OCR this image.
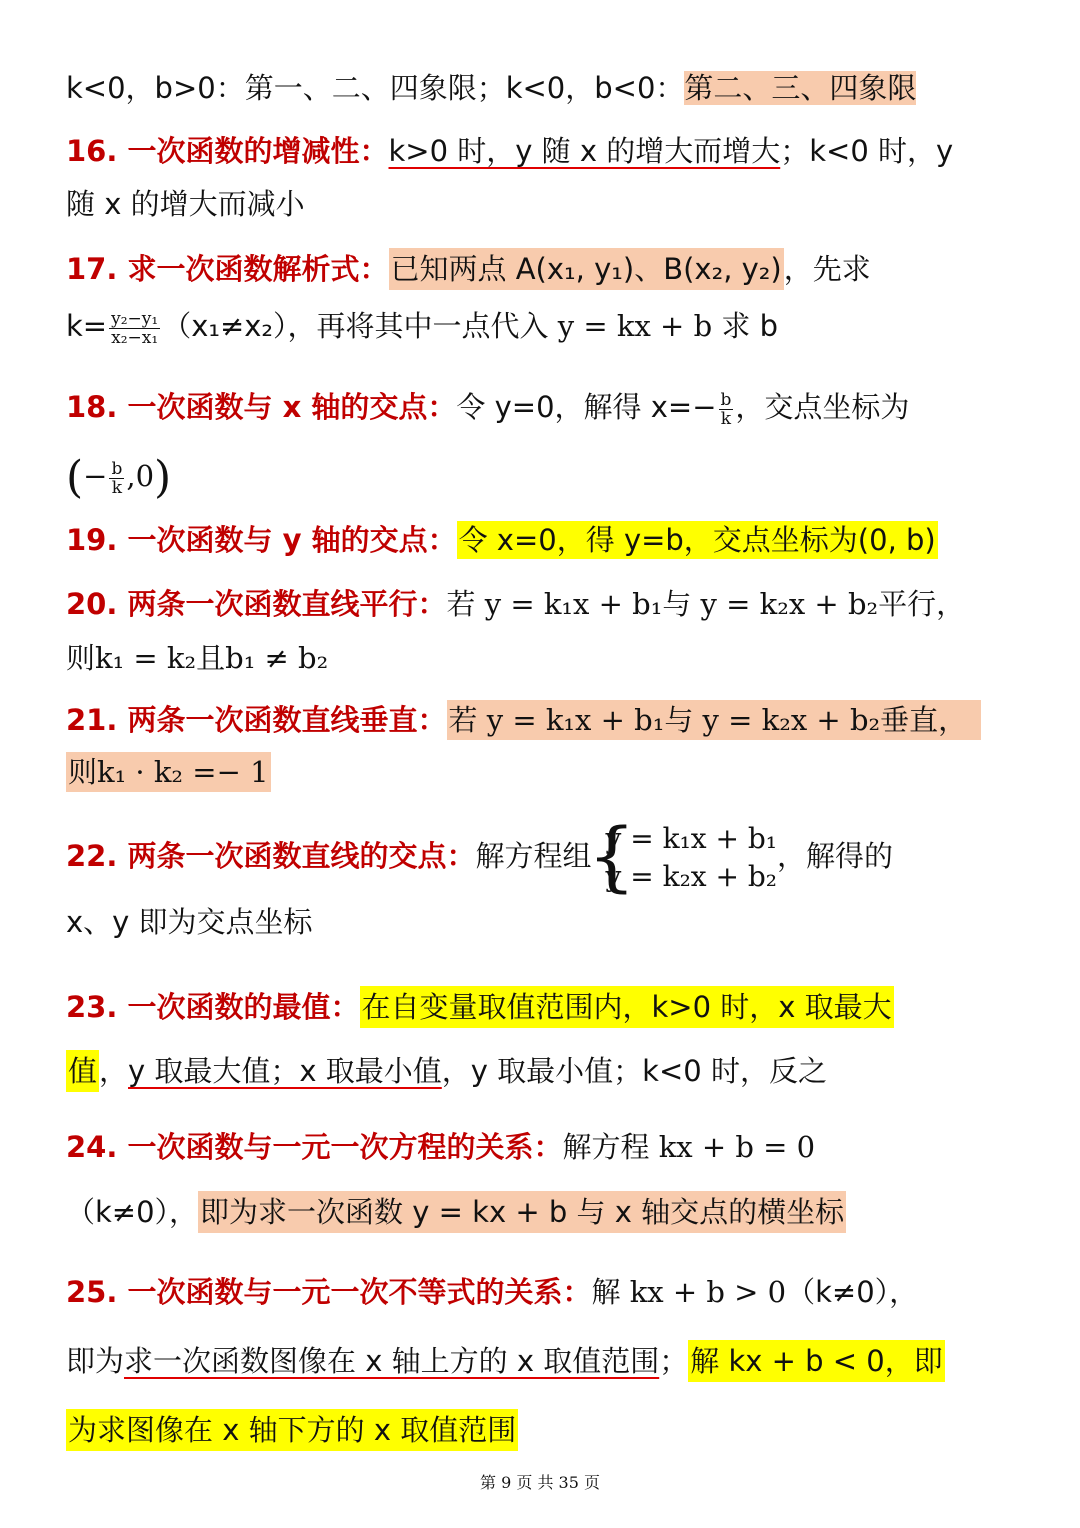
k<0，b>0：第一、二、四象限；k<0，b<0：第二、三、四象限
16. 一次函数的增减性：k>0 时，y 随 x 的增大而增大；k<0 时，y
随 x 的增大而减小
17. 求一次函数解析式：已知两点 A(x₁, y₁)、B(x₂, y₂)，先求
$k= \frac{\text{y₂−y₁}}{\text{x₂−x₁}} (x_1\ne x_2)$，再将其中一点代入 y = kx + b 求 b
18. 一次函数与 x 轴的交点：令 y=0，解得 $x=- \frac{b}{k}$ ，交点坐标为
(− $\frac{b}{k} ,0$)
19. 一次函数与 y 轴的交点：令 x=0，得 y=b，交点坐标为(0, b)
20. 两条一次函数直线平行：若 y = k₁x + b₁与 y = k₂x + b₂平行，
则k₁ = k₂且b₁ ≠ b₂
21. 两条一次函数直线垂直：若 y = k₁x + b₁与 y = k₂x + b₂垂直，
则k₁ · k₂ =− 1
22. 两条一次函数直线的交点：解方程组
{
y = k₁x + b₁
y = k₂x + b₂
，解得的
x、y 即为交点坐标
23. 一次函数的最值：在自变量取值范围内，k>0 时，x 取最大
值，y 取最大值；x 取最小值，y 取最小值；k<0 时，反之
24. 一次函数与一元一次方程的关系：解方程 kx + b = 0
（k≠0），即为求一次函数 y = kx + b 与 x 轴交点的横坐标
25. 一次函数与一元一次不等式的关系：解 kx + b > 0（k≠0），
即为求一次函数图像在 x 轴上方的 x 取值范围；解 kx + b < 0，即
为求图像在 x 轴下方的 x 取值范围
第 9 页 共 35 页
